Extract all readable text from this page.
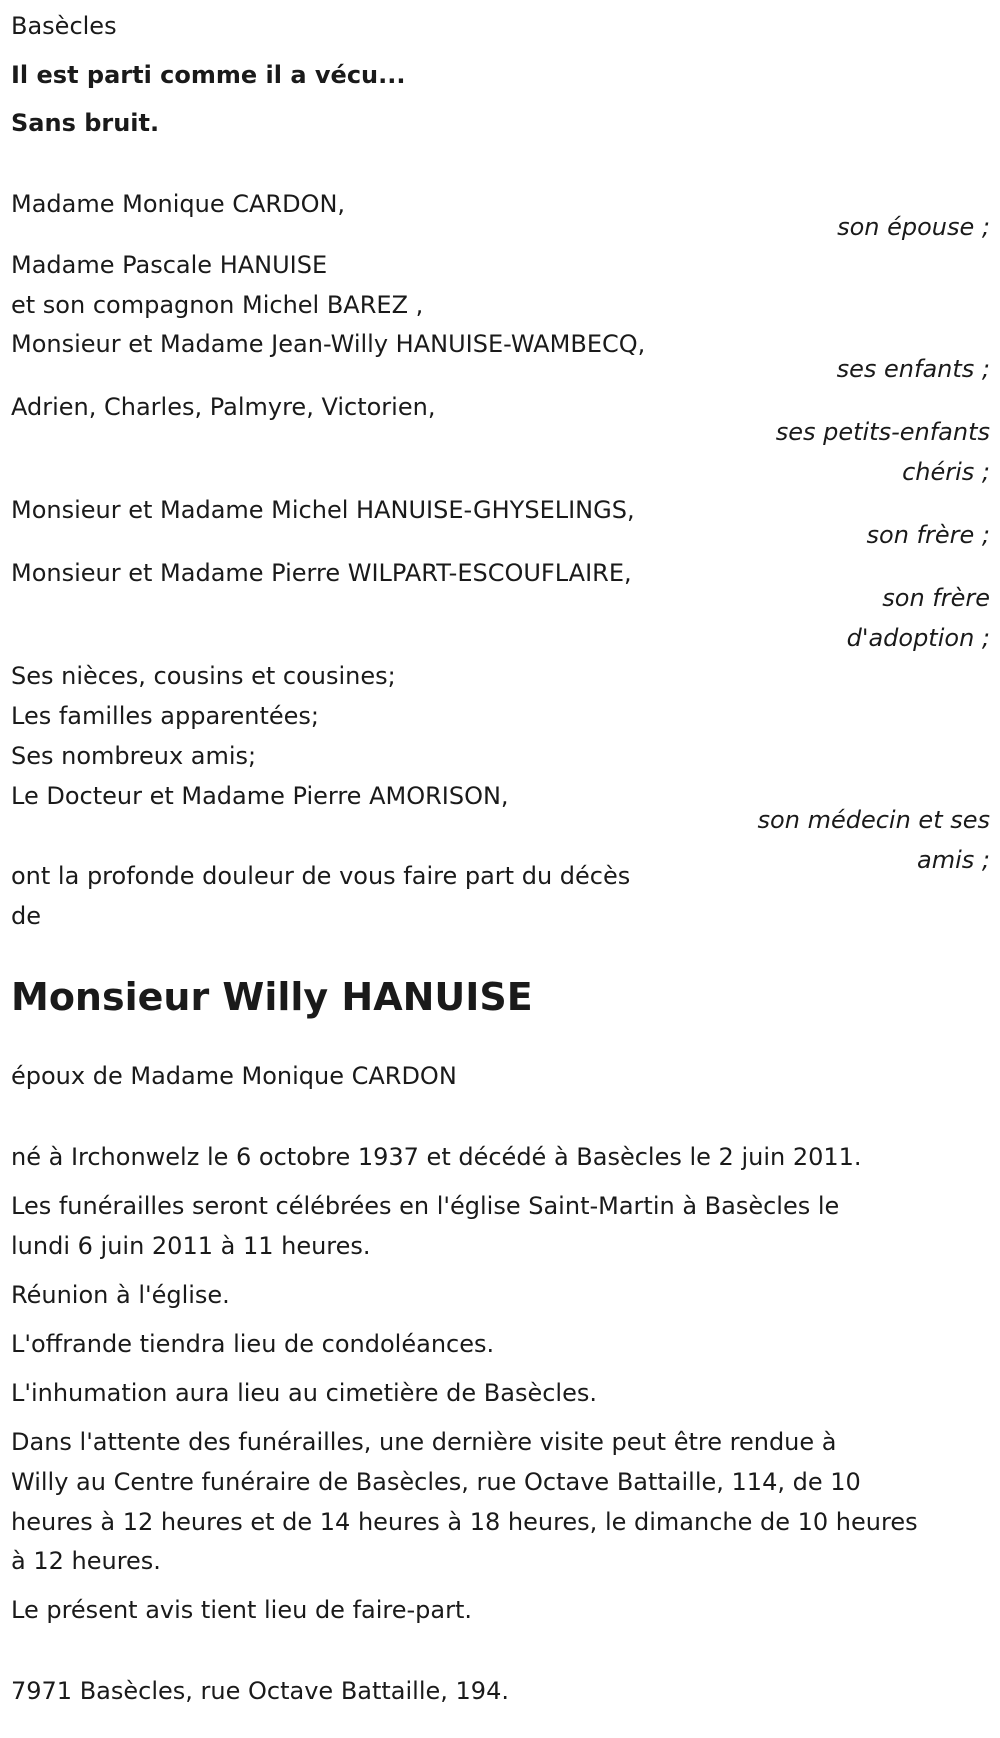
Basècles
Il est parti comme il a vécu...
Sans bruit.
Madame Monique CARDON,
son épouse ;
Madame Pascale HANUISE
et son compagnon Michel BAREZ ,
Monsieur et Madame Jean-Willy HANUISE-WAMBECQ,
ses enfants ;
Adrien, Charles, Palmyre, Victorien,
ses petits-enfants
chéris ;
Monsieur et Madame Michel HANUISE-GHYSELINGS,
son frère ;
Monsieur et Madame Pierre WILPART-ESCOUFLAIRE,
son frère
d'adoption ;
Ses nièces, cousins et cousines;
Les familles apparentées;
Ses nombreux amis;
Le Docteur et Madame Pierre AMORISON,
son médecin et ses
amis ;
ont la profonde douleur de vous faire part du décès
de
Monsieur Willy HANUISE
époux de Madame Monique CARDON
né à Irchonwelz le 6 octobre 1937 et décédé à Basècles le 2 juin 2011.
Les funérailles seront célébrées en l'église Saint-Martin à Basècles le
lundi 6 juin 2011 à 11 heures.
Réunion à l'église.
L'offrande tiendra lieu de condoléances.
L'inhumation aura lieu au cimetière de Basècles.
Dans l'attente des funérailles, une dernière visite peut être rendue à
Willy au Centre funéraire de Basècles, rue Octave Battaille, 114, de 10
heures à 12 heures et de 14 heures à 18 heures, le dimanche de 10 heures
à 12 heures.
Le présent avis tient lieu de faire-part.
7971 Basècles, rue Octave Battaille, 194.
